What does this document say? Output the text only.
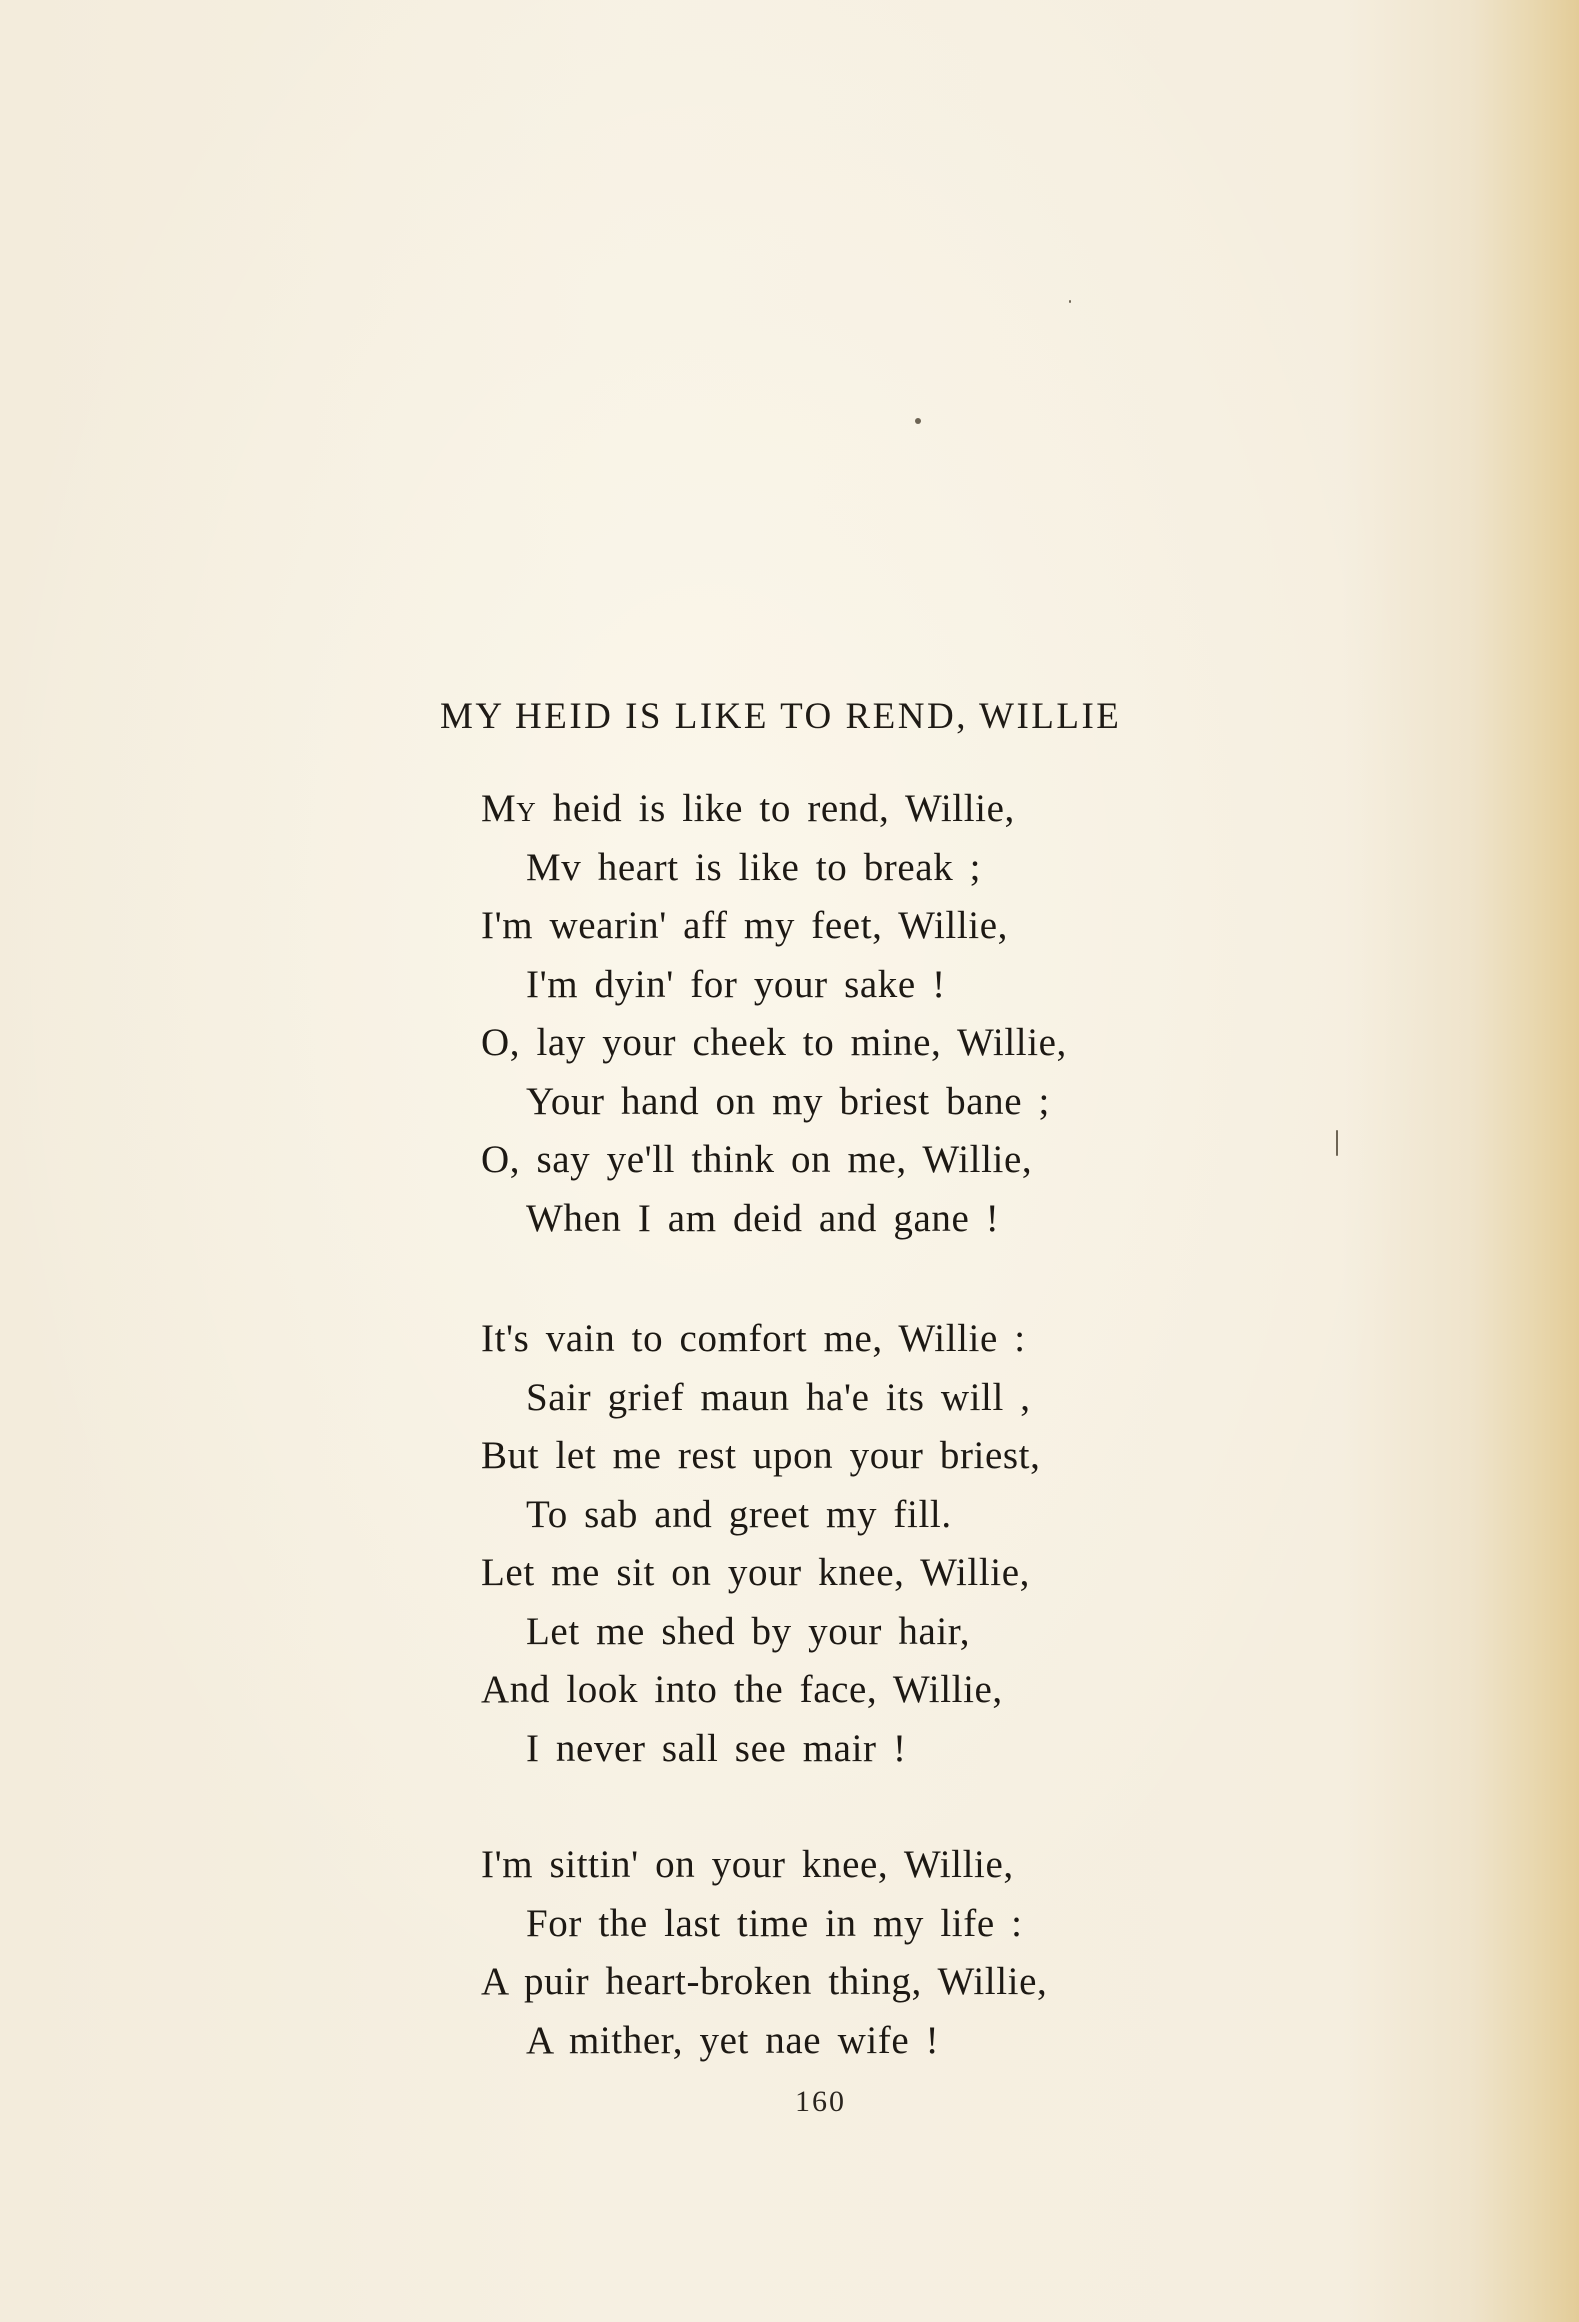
MY HEID IS LIKE TO REND, WILLIE
My heid is like to rend, Willie,
Mv heart is like to break ;
I'm wearin' aff my feet, Willie,
I'm dyin' for your sake !
O, lay your cheek to mine, Willie,
Your hand on my briest bane ;
O, say ye'll think on me, Willie,
When I am deid and gane !
It's vain to comfort me, Willie :
Sair grief maun ha'e its will ,
But let me rest upon your briest,
To sab and greet my fill.
Let me sit on your knee, Willie,
Let me shed by your hair,
And look into the face, Willie,
I never sall see mair !
I'm sittin' on your knee, Willie,
For the last time in my life :
A puir heart-broken thing, Willie,
A mither, yet nae wife !
160
